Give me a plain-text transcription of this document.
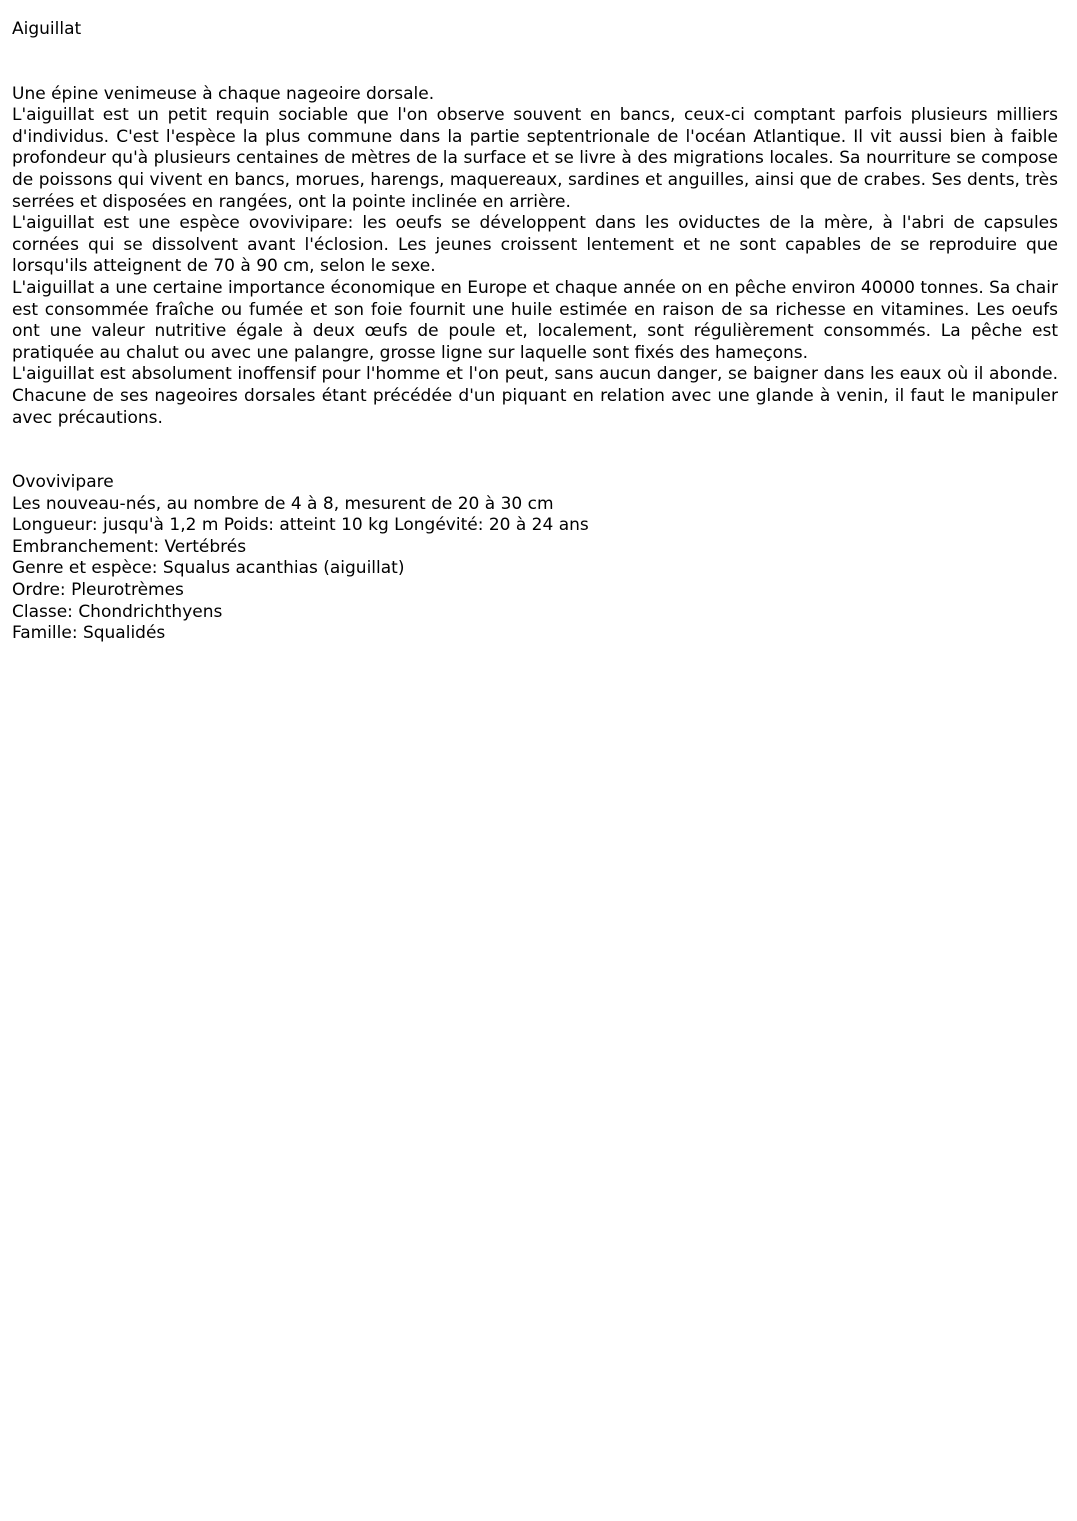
Aiguillat

Une épine venimeuse à chaque nageoire dorsale.

L'aiguillat est un petit requin sociable que l'on observe souvent en bancs, ceux-ci comptant parfois plusieurs milliers d'individus. C'est l'espèce la plus commune dans la partie septentrionale de l'océan Atlantique. Il vit aussi bien à faible profondeur qu'à plusieurs centaines de mètres de la surface et se livre à des migrations locales. Sa nourriture se compose de poissons qui vivent en bancs, morues, harengs, maquereaux, sardines et anguilles, ainsi que de crabes. Ses dents, très serrées et disposées en rangées, ont la pointe inclinée en arrière.

L'aiguillat est une espèce ovovivipare: les oeufs se développent dans les oviductes de la mère, à l'abri de capsules cornées qui se dissolvent avant l'éclosion. Les jeunes croissent lentement et ne sont capables de se reproduire que lorsqu'ils atteignent de 70 à 90 cm, selon le sexe.

L'aiguillat a une certaine importance économique en Europe et chaque année on en pêche environ 40000 tonnes. Sa chair est consommée fraîche ou fumée et son foie fournit une huile estimée en raison de sa richesse en vitamines. Les oeufs ont une valeur nutritive égale à deux œufs de poule et, localement, sont régulièrement consommés. La pêche est pratiquée au chalut ou avec une palangre, grosse ligne sur laquelle sont fixés des hameçons.

L'aiguillat est absolument inoffensif pour l'homme et l'on peut, sans aucun danger, se baigner dans les eaux où il abonde. Chacune de ses nageoires dorsales étant précédée d'un piquant en relation avec une glande à venin, il faut le manipuler avec précautions.

Ovovivipare
Les nouveau-nés, au nombre de 4 à 8, mesurent de 20 à 30 cm
Longueur: jusqu'à 1,2 m Poids: atteint 10 kg Longévité: 20 à 24 ans
Embranchement: Vertébrés
Genre et espèce: Squalus acanthias (aiguillat)
Ordre: Pleurotrèmes
Classe: Chondrichthyens
Famille: Squalidés
